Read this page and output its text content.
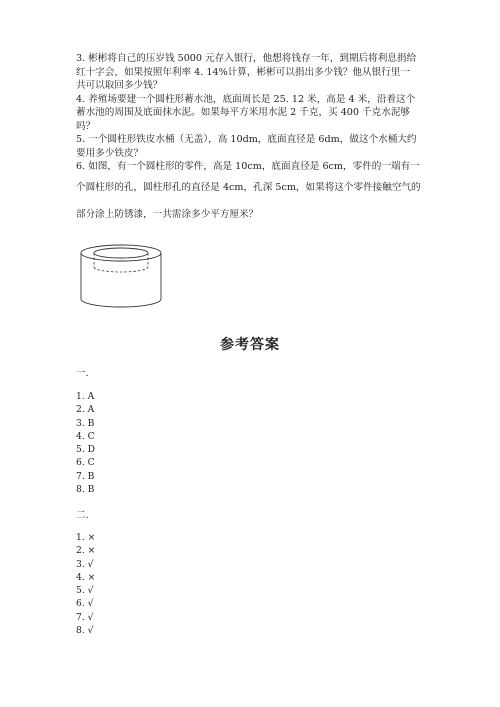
3. 彬彬将自己的压岁钱 5000 元存入银行，他想将钱存一年，到期后将利息捐给

红十字会，如果按照年利率 4. 14%计算，彬彬可以捐出多少钱？他从银行里一

共可以取回多少钱？

4. 养殖场要建一个圆柱形蓄水池，底面周长是 25. 12 米，高是 4 米，沿着这个

蓄水池的周围及底面抹水泥。如果每平方米用水泥 2 千克，买 400 千克水泥够

吗？

5. 一个圆柱形铁皮水桶（无盖），高 10dm，底面直径是 6dm，做这个水桶大约

要用多少铁皮？

6. 如图，有一个圆柱形的零件，高是 10cm，底面直径是 6cm，零件的一端有一

个圆柱形的孔，圆柱形孔的直径是 4cm，孔深 5cm，如果将这个零件接触空气的

部分涂上防锈漆，一共需涂多少平方厘米？

参考答案
一.
1. A
2. A
3. B
4. C
5. D
6. C
7. B
8. B
二.
1. ×
2. ×
3. √
4. ×
5. √
6. √
7. √
8. √
